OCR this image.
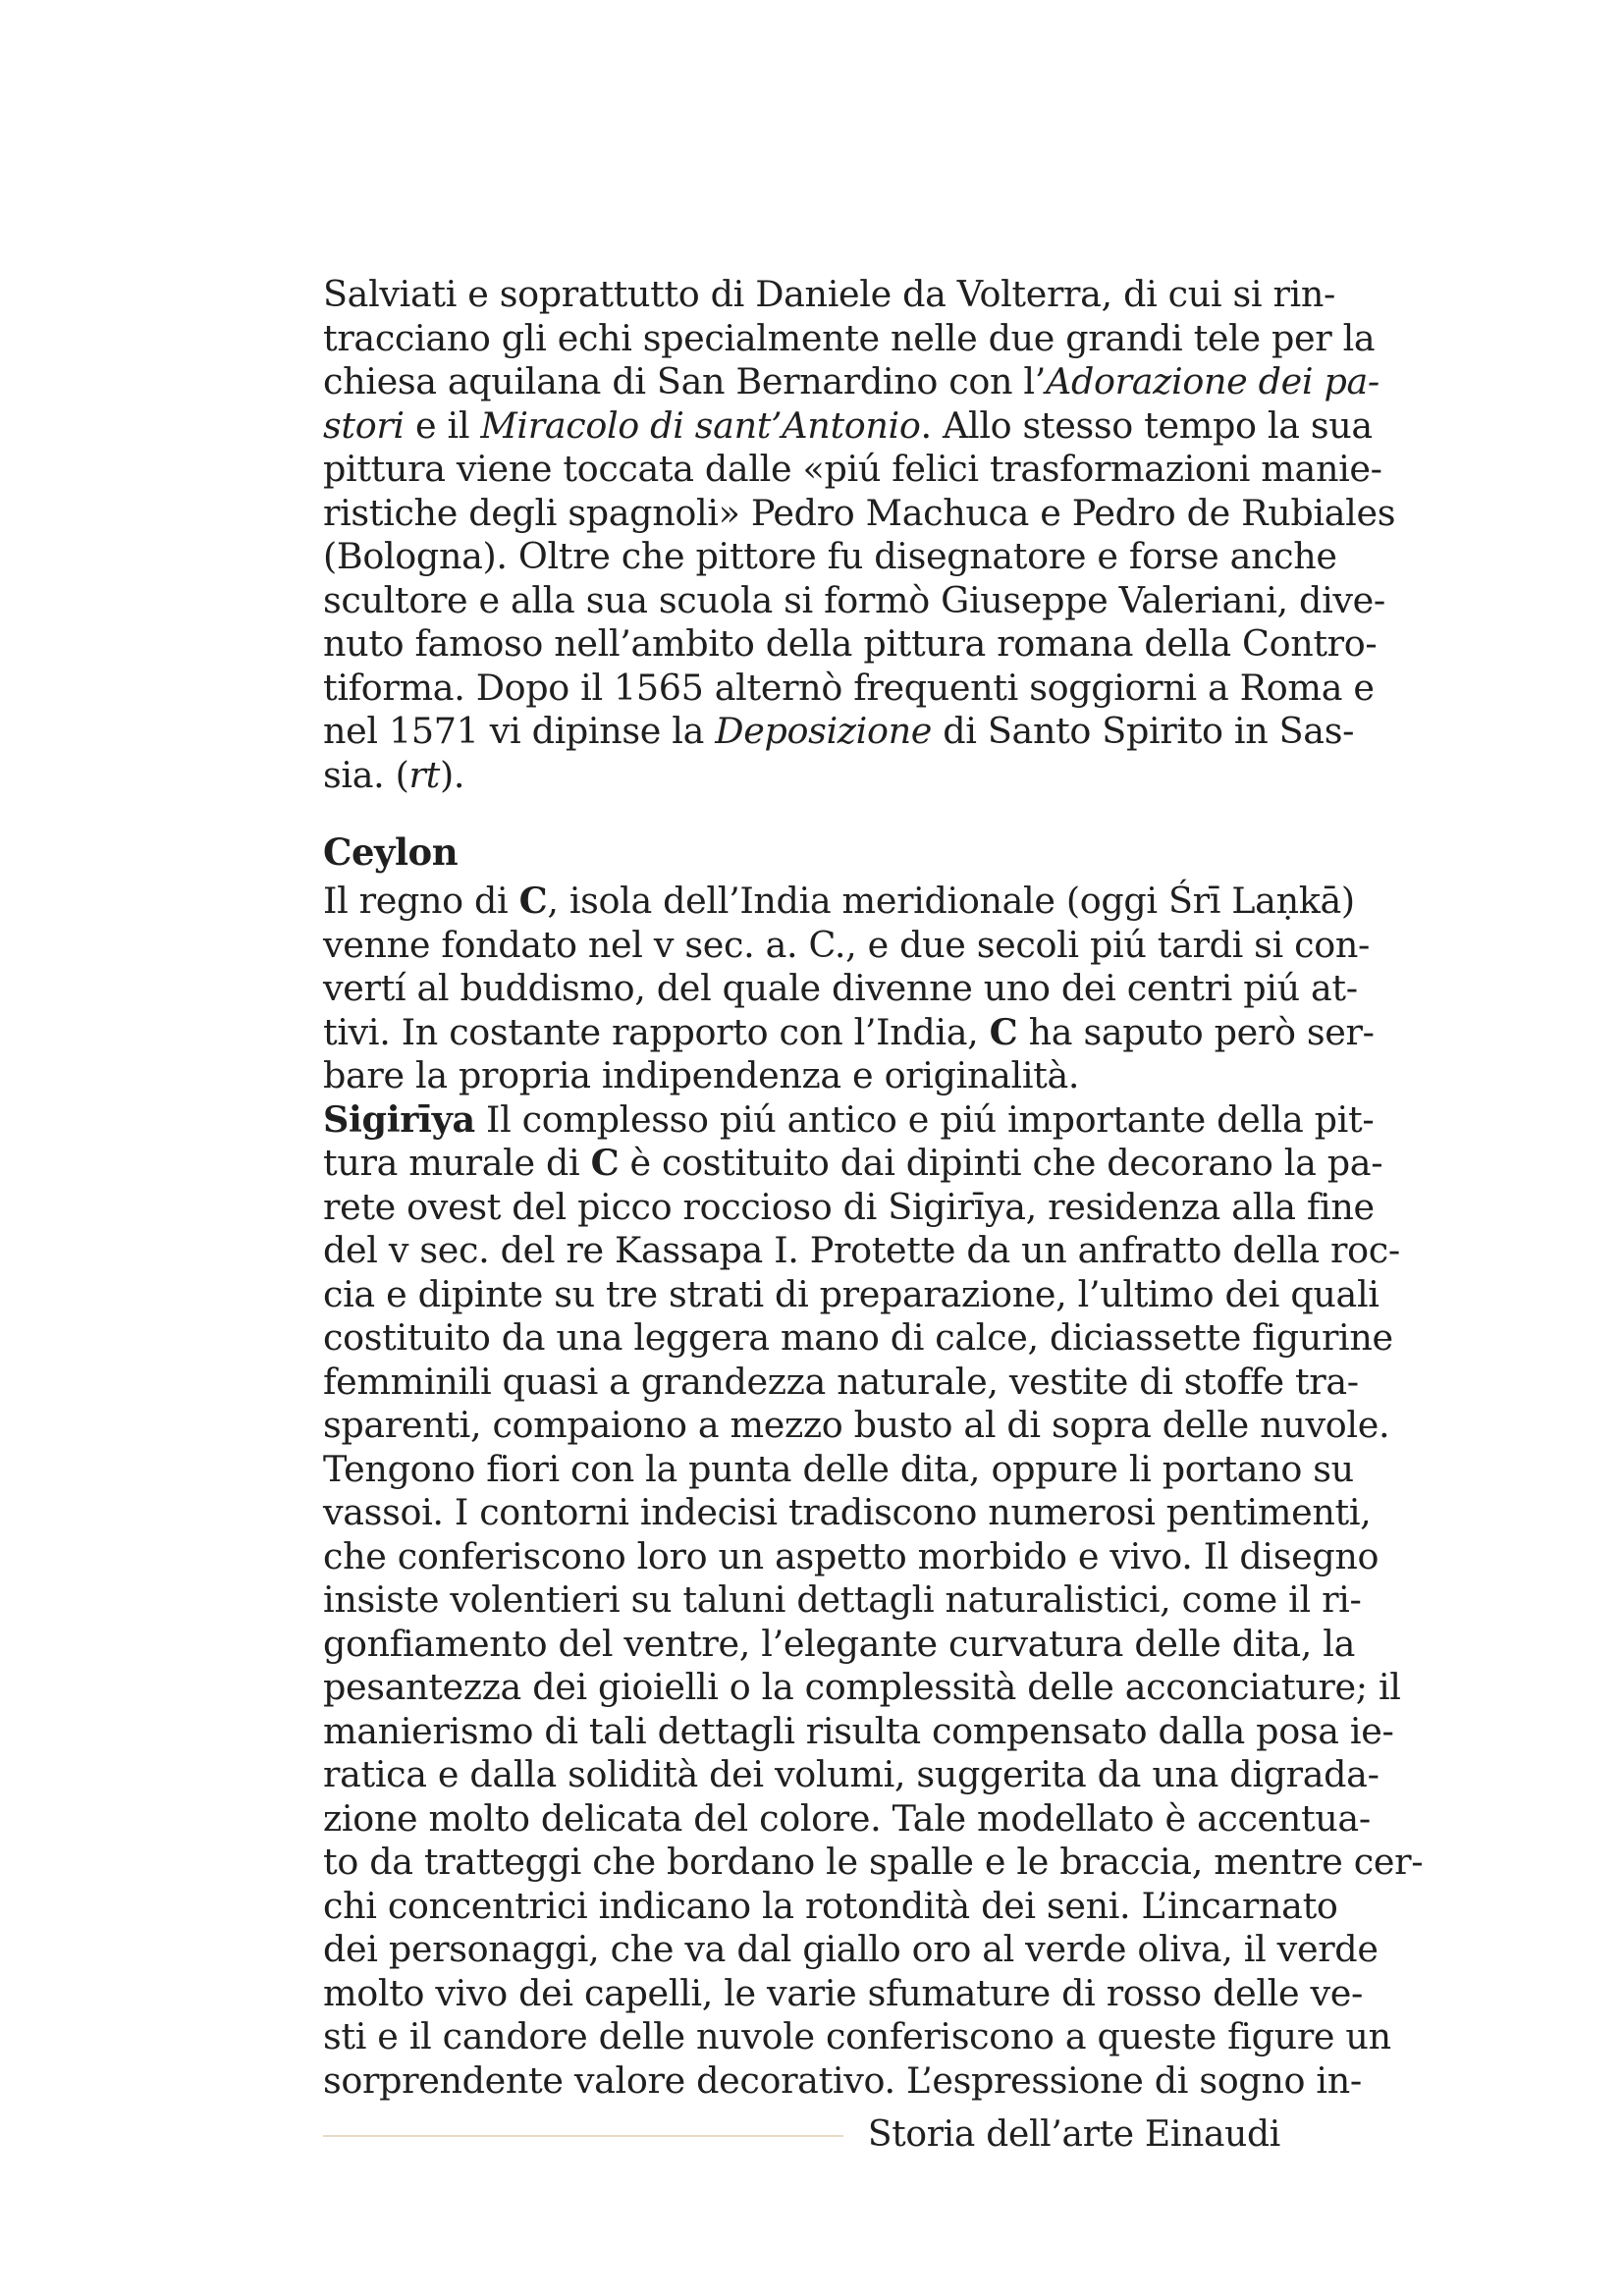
Salviati e soprattutto di Daniele da Volterra, di cui si rin-
tracciano gli echi specialmente nelle due grandi tele per la
chiesa aquilana di San Bernardino con l’Adorazione dei pa-
stori e il Miracolo di sant’Antonio. Allo stesso tempo la sua
pittura viene toccata dalle «piú felici trasformazioni manie-
ristiche degli spagnoli» Pedro Machuca e Pedro de Rubiales
(Bologna). Oltre che pittore fu disegnatore e forse anche
scultore e alla sua scuola si formò Giuseppe Valeriani, dive-
nuto famoso nell’ambito della pittura romana della Contro-
tiforma. Dopo il 1565 alternò frequenti soggiorni a Roma e
nel 1571 vi dipinse la Deposizione di Santo Spirito in Sas-
sia. (rt).
Ceylon
Il regno di C, isola dell’India meridionale (oggi Śrī Laṇkā)
venne fondato nel v sec. a. C., e due secoli piú tardi si con-
vertí al buddismo, del quale divenne uno dei centri piú at-
tivi. In costante rapporto con l’India, C ha saputo però ser-
bare la propria indipendenza e originalità.
Sigirīya Il complesso piú antico e piú importante della pit-
tura murale di C è costituito dai dipinti che decorano la pa-
rete ovest del picco roccioso di Sigirīya, residenza alla fine
del v sec. del re Kassapa I. Protette da un anfratto della roc-
cia e dipinte su tre strati di preparazione, l’ultimo dei quali
costituito da una leggera mano di calce, diciassette figurine
femminili quasi a grandezza naturale, vestite di stoffe tra-
sparenti, compaiono a mezzo busto al di sopra delle nuvole.
Tengono fiori con la punta delle dita, oppure li portano su
vassoi. I contorni indecisi tradiscono numerosi pentimenti,
che conferiscono loro un aspetto morbido e vivo. Il disegno
insiste volentieri su taluni dettagli naturalistici, come il ri-
gonfiamento del ventre, l’elegante curvatura delle dita, la
pesantezza dei gioielli o la complessità delle acconciature; il
manierismo di tali dettagli risulta compensato dalla posa ie-
ratica e dalla solidità dei volumi, suggerita da una digrada-
zione molto delicata del colore. Tale modellato è accentua-
to da tratteggi che bordano le spalle e le braccia, mentre cer-
chi concentrici indicano la rotondità dei seni. L’incarnato
dei personaggi, che va dal giallo oro al verde oliva, il verde
molto vivo dei capelli, le varie sfumature di rosso delle ve-
sti e il candore delle nuvole conferiscono a queste figure un
sorprendente valore decorativo. L’espressione di sogno in-
Storia dell’arte Einaudi
